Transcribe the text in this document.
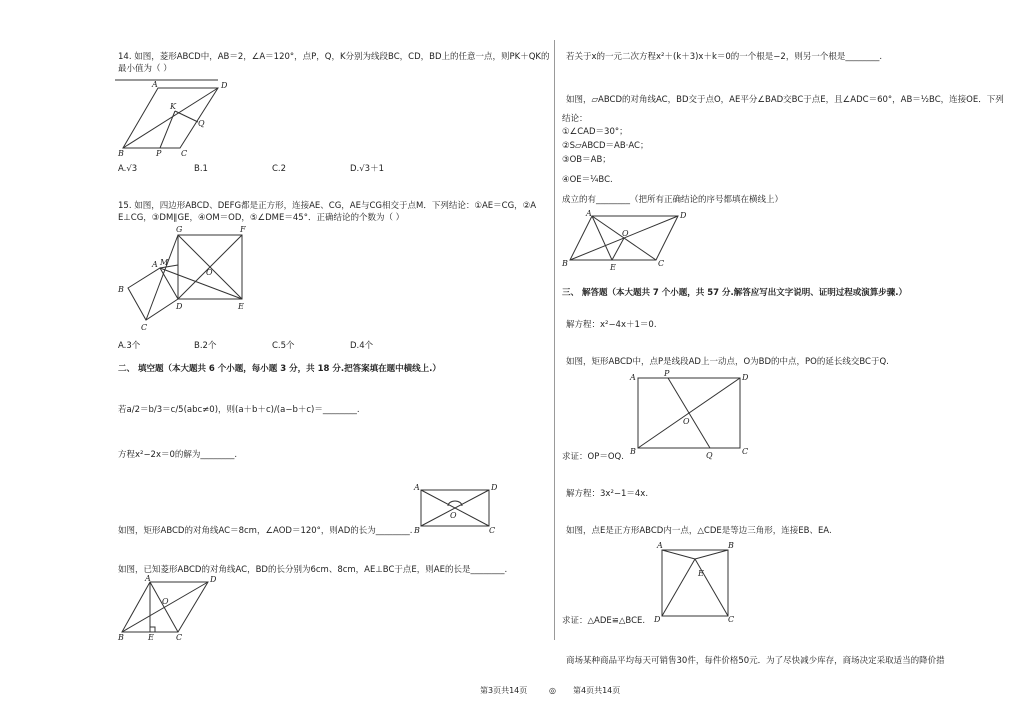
14. 如图，菱形ABCD中，AB＝2，∠A＝120°，点P，Q，K分别为线段BC，CD，BD上的任意一点，则PK＋QK的
最小值为（ ）
A	D
K
Q
B	P C
A.√3	B.1	C.2	D.√3＋1
15. 如图，四边形ABCD、DEFG都是正方形，连接AE、CG，AE与CG相交于点M．下列结论：①AE＝CG，②A
E⊥CG，③DM∥GE，④OM＝OD，⑤∠DME＝45°．正确结论的个数为（ ）
G	F
A M
O
B
D	E
C
A.3个	B.2个	C.5个	D.4个
二、 填空题（本大题共 6 个小题，每小题 3 分，共 18 分.把答案填在题中横线上.）
若a/2＝b/3＝c/5(abc≠0)，则(a＋b＋c)/(a−b＋c)＝________.
方程x²−2x＝0的解为________.
A	D
O
B	C
如图，矩形ABCD的对角线AC＝8cm，∠AOD＝120°，则AD的长为________.
如图，已知菱形ABCD的对角线AC，BD的长分别为6cm、8cm，AE⊥BC于点E，则AE的长是________.
A	D
O
B	E	C
若关于x的一元二次方程x²＋(k＋3)x＋k＝0的一个根是−2，则另一个根是________.
如图，▱ABCD的对角线AC，BD交于点O，AE平分∠BAD交BC于点E，且∠ADC＝60°，AB＝½BC，连接OE．下列
结论：
①∠CAD＝30°；
②S▱ABCD＝AB·AC；
③OB＝AB；
④OE＝¼BC.
成立的有________（把所有正确结论的序号都填在横线上）
A	D
O
B	E	C
三、 解答题（本大题共 7 个小题，共 57 分.解答应写出文字说明、证明过程或演算步骤.）
解方程：x²−4x＋1＝0.
如图，矩形ABCD中，点P是线段AD上一动点，O为BD的中点，PO的延长线交BC于Q.
A	P	D
O
B	Q	C
求证：OP＝OQ.
解方程：3x²−1＝4x.
如图，点E是正方形ABCD内一点，△CDE是等边三角形，连接EB、EA.
A	B
E
D	C
求证：△ADE≌△BCE.
商场某种商品平均每天可销售30件，每件价格50元．为了尽快减少库存，商场决定采取适当的降价措
第3页共14页	◎ 第4页共14页
